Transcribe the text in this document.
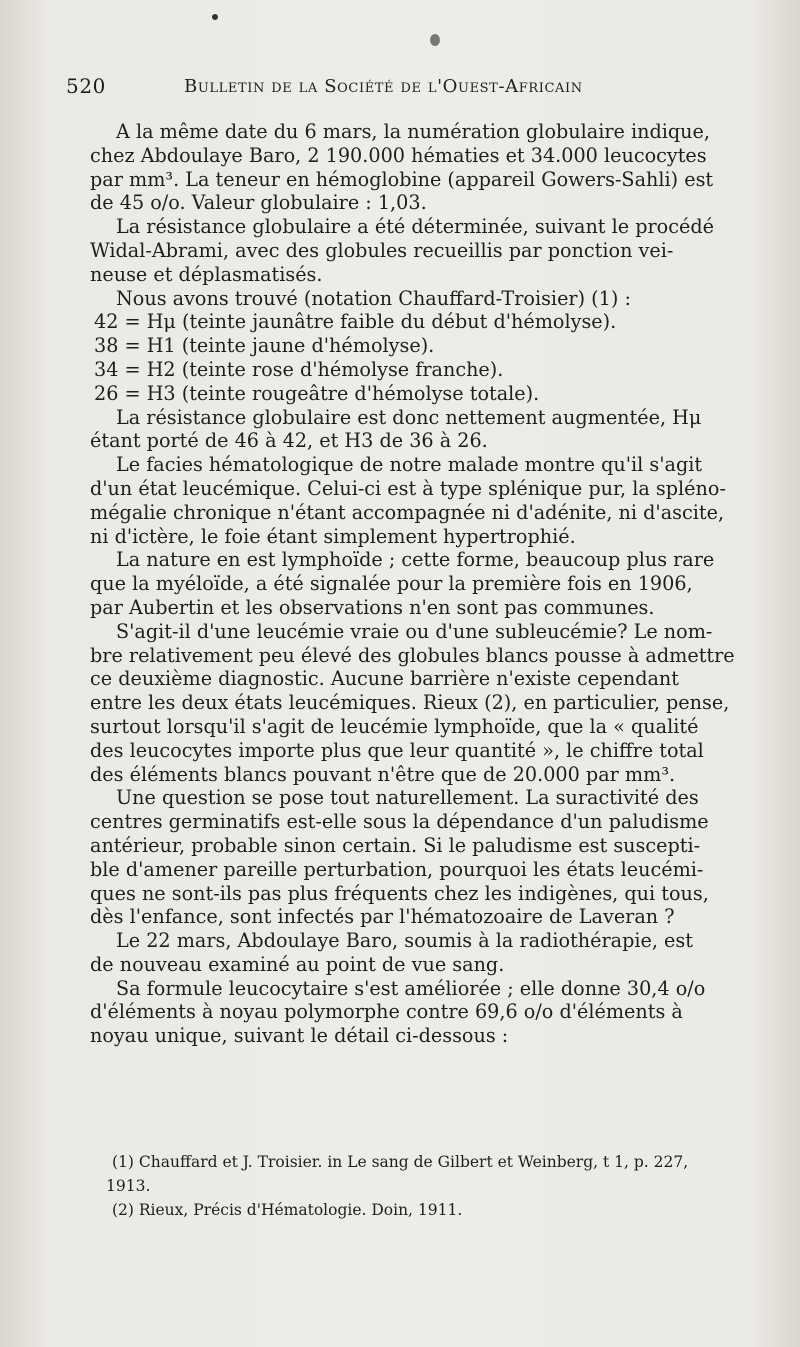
520	Bulletin de la Société de l'Ouest-Africain

A la même date du 6 mars, la numération globulaire indique,
chez Abdoulaye Baro, 2 190.000 hématies et 34.000 leucocytes
par mm³. La teneur en hémoglobine (appareil Gowers-Sahli) est
de 45 o/o. Valeur globulaire : 1,03.

La résistance globulaire a été déterminée, suivant le procédé
Widal-Abrami, avec des globules recueillis par ponction vei-
neuse et déplasmatisés.

Nous avons trouvé (notation Chauffard-Troisier) (1) :

42 = Hμ (teinte jaunâtre faible du début d'hémolyse).
38 = H1 (teinte jaune d'hémolyse).
34 = H2 (teinte rose d'hémolyse franche).
26 = H3 (teinte rougeâtre d'hémolyse totale).

La résistance globulaire est donc nettement augmentée, Hμ
étant porté de 46 à 42, et H3 de 36 à 26.

Le facies hématologique de notre malade montre qu'il s'agit
d'un état leucémique. Celui-ci est à type splénique pur, la spléno-
mégalie chronique n'étant accompagnée ni d'adénite, ni d'ascite,
ni d'ictère, le foie étant simplement hypertrophié.

La nature en est lymphoïde ; cette forme, beaucoup plus rare
que la myéloïde, a été signalée pour la première fois en 1906,
par Aubertin et les observations n'en sont pas communes.

S'agit-il d'une leucémie vraie ou d'une subleucémie? Le nom-
bre relativement peu élevé des globules blancs pousse à admettre
ce deuxième diagnostic. Aucune barrière n'existe cependant
entre les deux états leucémiques. Rieux (2), en particulier, pense,
surtout lorsqu'il s'agit de leucémie lymphoïde, que la « qualité
des leucocytes importe plus que leur quantité », le chiffre total
des éléments blancs pouvant n'être que de 20.000 par mm³.

Une question se pose tout naturellement. La suractivité des
centres germinatifs est-elle sous la dépendance d'un paludisme
antérieur, probable sinon certain. Si le paludisme est suscepti-
ble d'amener pareille perturbation, pourquoi les états leucémi-
ques ne sont-ils pas plus fréquents chez les indigènes, qui tous,
dès l'enfance, sont infectés par l'hématozoaire de Laveran ?

Le 22 mars, Abdoulaye Baro, soumis à la radiothérapie, est
de nouveau examiné au point de vue sang.

Sa formule leucocytaire s'est améliorée ; elle donne 30,4 o/o
d'éléments à noyau polymorphe contre 69,6 o/o d'éléments à
noyau unique, suivant le détail ci-dessous :

(1) Chauffard et J. Troisier. in Le sang de Gilbert et Weinberg, t 1, p. 227,
1913.
(2) Rieux, Précis d'Hématologie. Doin, 1911.
